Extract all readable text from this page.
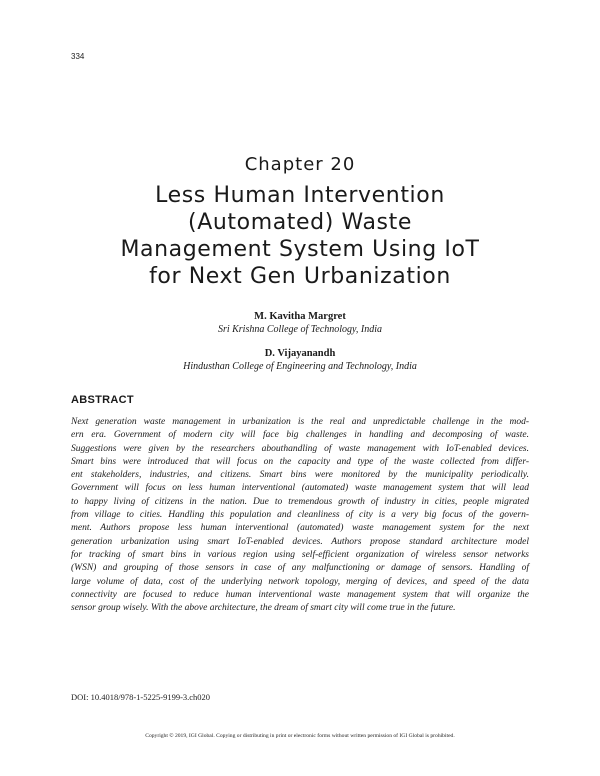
334
Chapter 20
Less Human Intervention
(Automated) Waste
Management System Using IoT
for Next Gen Urbanization
M. Kavitha Margret
Sri Krishna College of Technology, India
D. Vijayanandh
Hindusthan College of Engineering and Technology, India
ABSTRACT
Next generation waste management in urbanization is the real and unpredictable challenge in the mod-
ern era. Government of modern city will face big challenges in handling and decomposing of waste.
Suggestions were given by the researchers abouthandling of waste management with IoT-enabled devices.
Smart bins were introduced that will focus on the capacity and type of the waste collected from differ-
ent stakeholders, industries, and citizens. Smart bins were monitored by the municipality periodically.
Government will focus on less human interventional (automated) waste management system that will lead
to happy living of citizens in the nation. Due to tremendous growth of industry in cities, people migrated
from village to cities. Handling this population and cleanliness of city is a very big focus of the govern-
ment. Authors propose less human interventional (automated) waste management system for the next
generation urbanization using smart IoT-enabled devices. Authors propose standard architecture model
for tracking of smart bins in various region using self-efficient organization of wireless sensor networks
(WSN) and grouping of those sensors in case of any malfunctioning or damage of sensors. Handling of
large volume of data, cost of the underlying network topology, merging of devices, and speed of the data
connectivity are focused to reduce human interventional waste management system that will organize the
sensor group wisely. With the above architecture, the dream of smart city will come true in the future.
DOI: 10.4018/978-1-5225-9199-3.ch020
Copyright © 2019, IGI Global. Copying or distributing in print or electronic forms without written permission of IGI Global is prohibited.
